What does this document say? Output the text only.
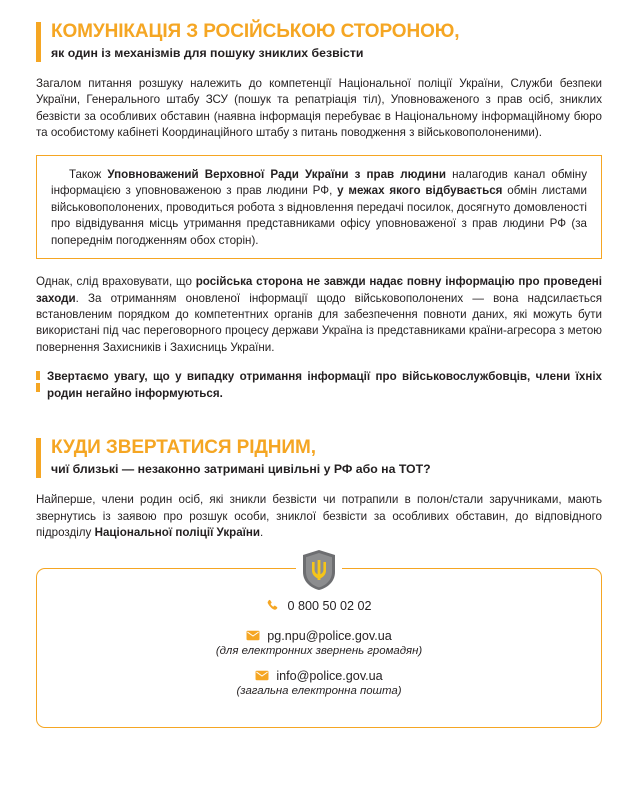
КОМУНІКАЦІЯ З РОСІЙСЬКОЮ СТОРОНОЮ,
як один із механізмів для пошуку зниклих безвісти

Загалом питання розшуку належить до компетенції Національної поліції України, Служби безпеки України, Генерального штабу ЗСУ (пошук та репатріація тіл), Уповноваженого з прав осіб, зниклих безвісти за особливих обставин (наявна інформація перебуває в Національному інформаційному бюро та особистому кабінеті Координаційного штабу з питань поводження з військовополоненими).

Також Уповноважений Верховної Ради України з прав людини налагодив канал обміну інформацією з уповноваженою з прав людини РФ, у межах якого відбувається обмін листами військовополонених, проводиться робота з відновлення передачі посилок, досягнуто домовленості про відвідування місць утримання представниками офісу уповноваженої з прав людини РФ (за попереднім погодженням обох сторін).

Однак, слід враховувати, що російська сторона не завжди надає повну інформацію про проведені заходи. За отриманням оновленої інформації щодо військовополонених — вона надсилається встановленим порядком до компетентних органів для забезпечення повноти даних, які можуть бути використані під час переговорного процесу держави Україна із представниками країни-агресора з метою повернення Захисників і Захисниць України.

Звертаємо увагу, що у випадку отримання інформації про військовослужбовців, члени їхніх родин негайно інформуються.

КУДИ ЗВЕРТАТИСЯ РІДНИМ,
чиї близькі — незаконно затримані цивільні у РФ або на ТОТ?

Найперше, члени родин осіб, які зникли безвісти чи потрапили в полон/стали заручниками, мають звернутись із заявою про розшук особи, зниклої безвісти за особливих обставин, до відповідного підрозділу Національної поліції України.

0 800 50 02 02
pg.npu@police.gov.ua
(для електронних звернень громадян)
info@police.gov.ua
(загальна електронна пошта)
